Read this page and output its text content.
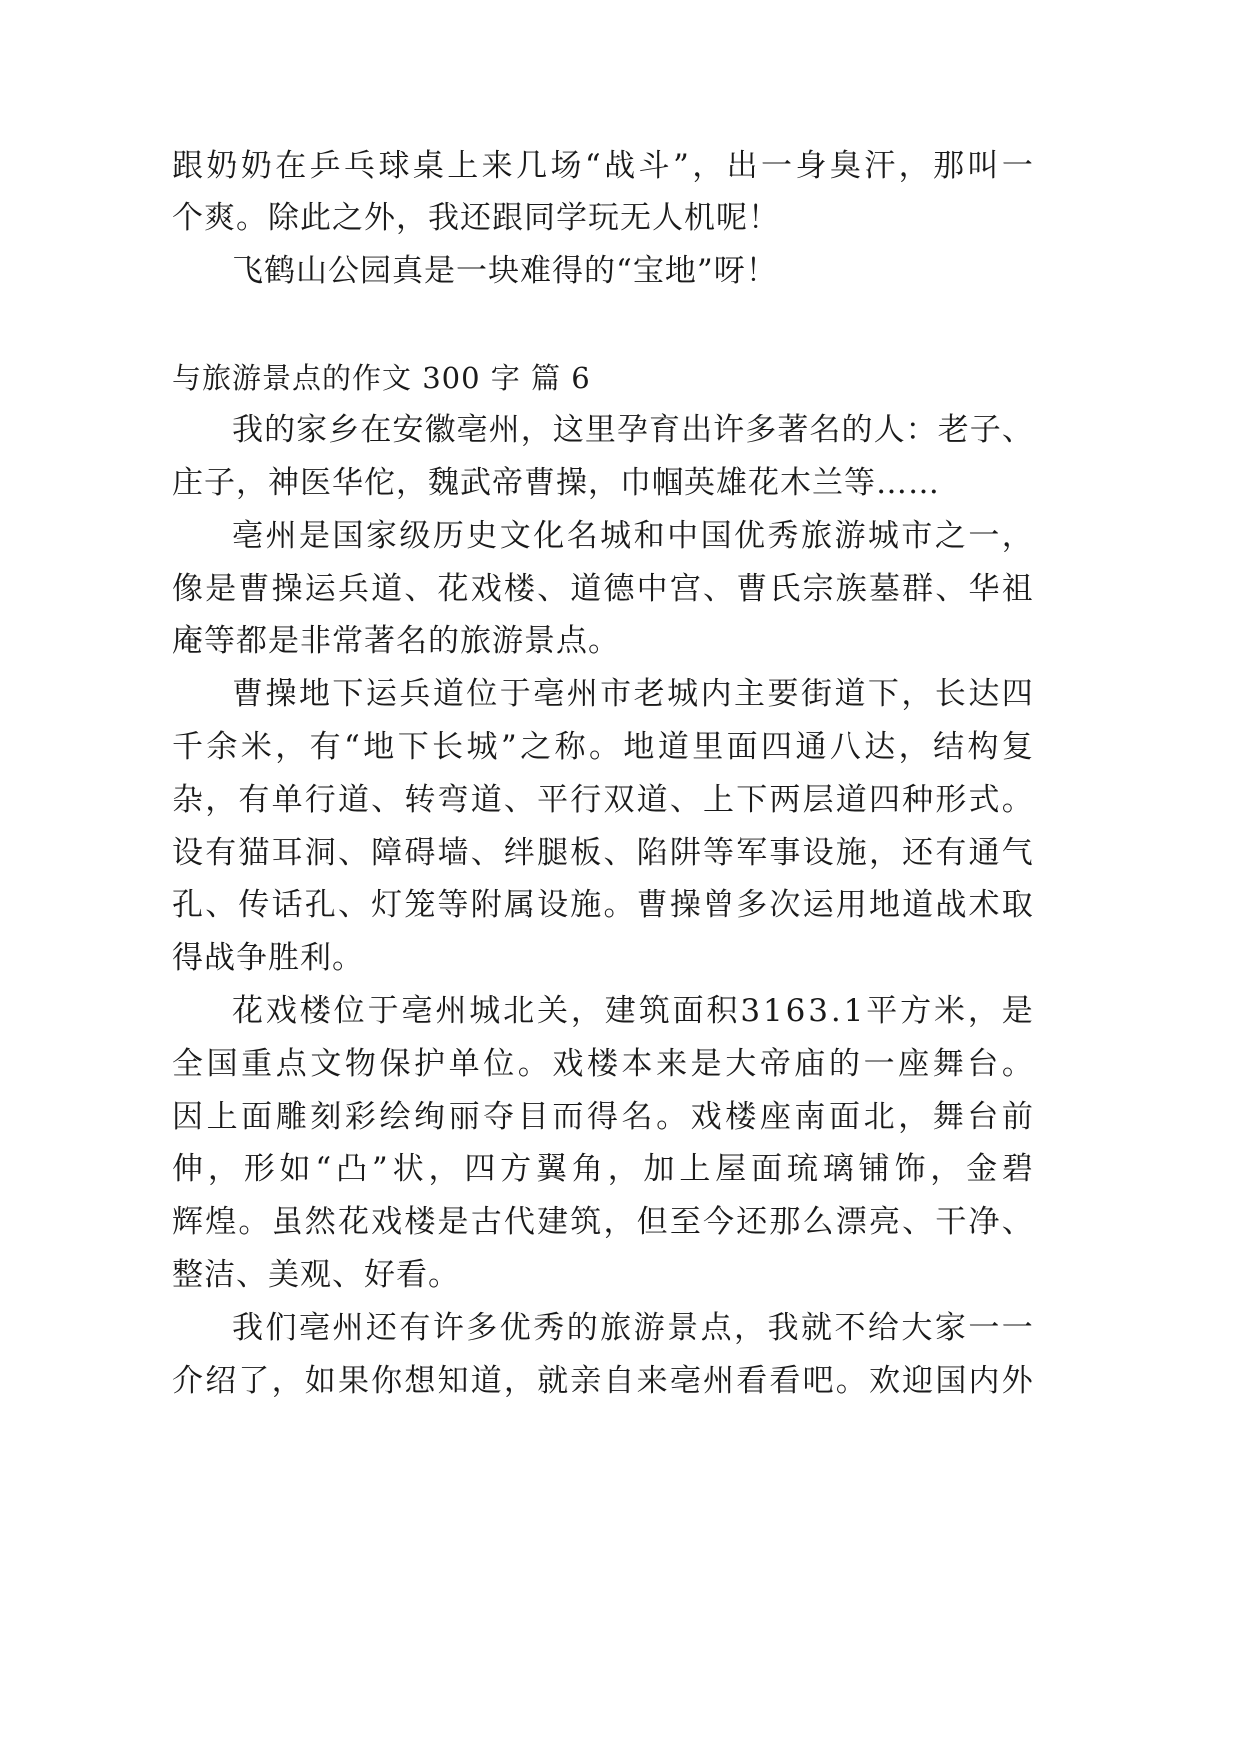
跟 奶 奶 在 乒 乓 球 桌 上 来 几 场 “ 战 斗 ” ， 出 一 身 臭 汗 ， 那 叫 一
个爽。除此之外，我还跟同学玩无人机呢！
飞鹤山公园真是一块难得的“宝地”呀！
与旅游景点的作文 300 字 篇 6
我 的 家 乡 在 安 徽 亳 州 ， 这 里 孕 育 出 许 多 著 名 的 人 ： 老 子 、
庄子，神医华佗，魏武帝曹操，巾帼英雄花木兰等……
亳 州 是 国 家 级 历 史 文 化 名 城 和 中 国 优 秀 旅 游 城 市 之 一 ，
像 是 曹 操 运 兵 道 、 花 戏 楼 、 道 德 中 宫 、 曹 氏 宗 族 墓 群 、 华 祖
庵等都是非常著名的旅游景点。
曹 操 地 下 运 兵 道 位 于 亳 州 市 老 城 内 主 要 街 道 下 ， 长 达 四
千 余 米 ， 有 “ 地 下 长 城 ” 之 称 。 地 道 里 面 四 通 八 达 ， 结 构 复
杂 ， 有 单 行 道 、 转 弯 道 、 平 行 双 道 、 上 下 两 层 道 四 种 形 式 。
设 有 猫 耳 洞 、 障 碍 墙 、 绊 腿 板 、 陷 阱 等 军 事 设 施 ， 还 有 通 气
孔 、 传 话 孔 、 灯 笼 等 附 属 设 施 。 曹 操 曾 多 次 运 用 地 道 战 术 取
得战争胜利。
花 戏 楼 位 于 亳 州 城 北 关 ， 建 筑 面 积 3 1 6 3 . 1 平 方 米 ， 是
全 国 重 点 文 物 保 护 单 位 。 戏 楼 本 来 是 大 帝 庙 的 一 座 舞 台 。
因 上 面 雕 刻 彩 绘 绚 丽 夺 目 而 得 名 。 戏 楼 座 南 面 北 ， 舞 台 前
伸 ， 形 如 “ 凸 ” 状 ， 四 方 翼 角 ， 加 上 屋 面 琉 璃 铺 饰 ， 金 碧
辉 煌 。 虽 然 花 戏 楼 是 古 代 建 筑 ， 但 至 今 还 那 么 漂 亮 、 干 净 、
整洁、美观、好看。
我 们 亳 州 还 有 许 多 优 秀 的 旅 游 景 点 ， 我 就 不 给 大 家 一 一
介 绍 了 ， 如 果 你 想 知 道 ， 就 亲 自 来 亳 州 看 看 吧 。 欢 迎 国 内 外
